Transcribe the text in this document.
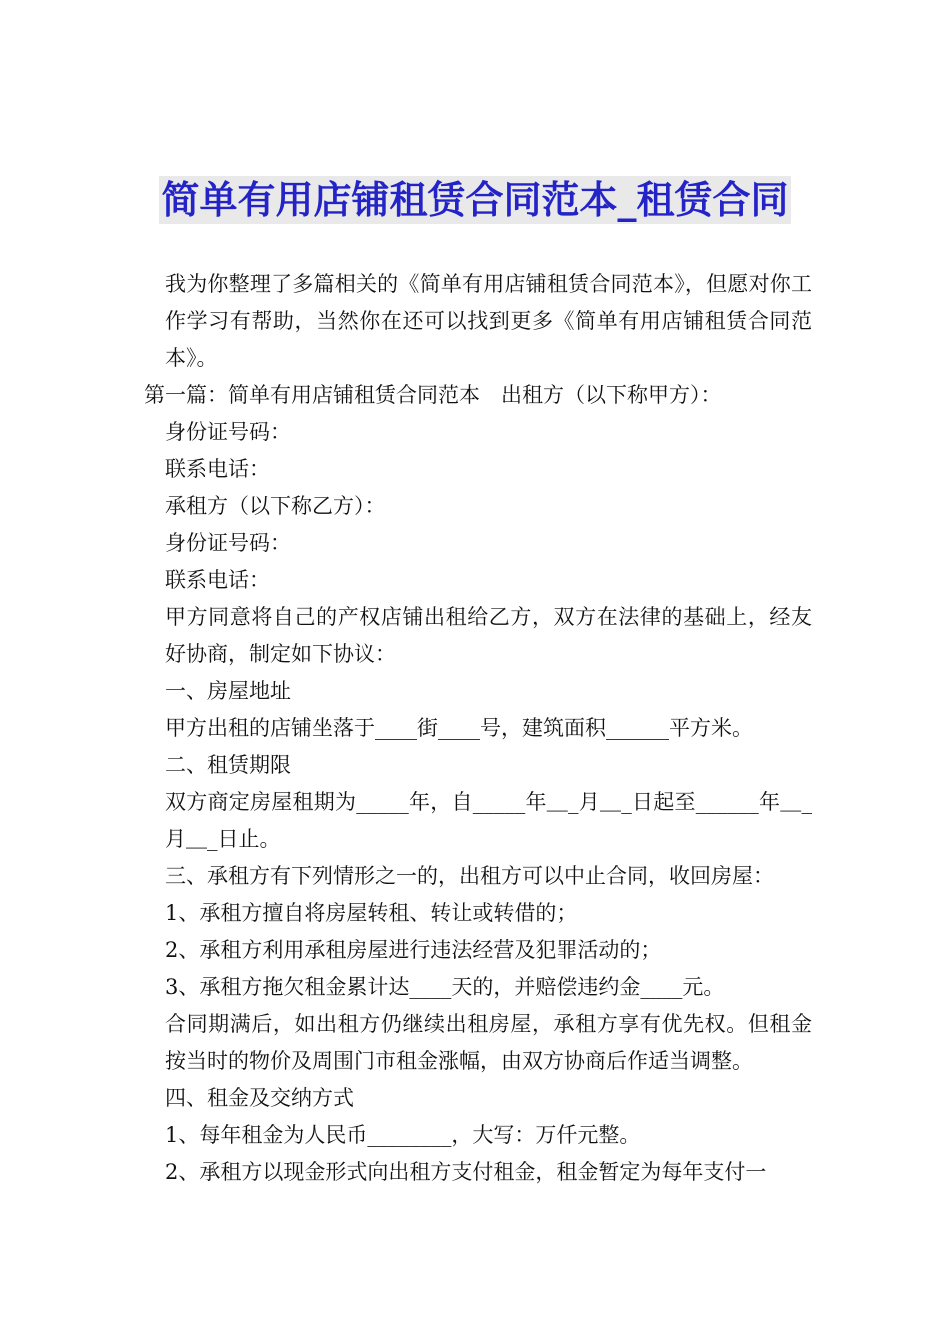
简单有用店铺租赁合同范本_租赁合同

我为你整理了多篇相关的《简单有用店铺租赁合同范本》，但愿对你工作学习有帮助，当然你在还可以找到更多《简单有用店铺租赁合同范本》。

第一篇：简单有用店铺租赁合同范本　出租方（以下称甲方）：

身份证号码：

联系电话：

承租方（以下称乙方）：

身份证号码：

联系电话：

甲方同意将自己的产权店铺出租给乙方，双方在法律的基础上，经友好协商，制定如下协议：

一、房屋地址

甲方出租的店铺坐落于____街____号，建筑面积______平方米。

二、租赁期限

双方商定房屋租期为_____年，自_____年＿_月＿_日起至______年＿_月＿_日止。

三、承租方有下列情形之一的，出租方可以中止合同，收回房屋：

1、承租方擅自将房屋转租、转让或转借的；

2、承租方利用承租房屋进行违法经营及犯罪活动的；

3、承租方拖欠租金累计达____天的，并赔偿违约金____元。

合同期满后，如出租方仍继续出租房屋，承租方享有优先权。但租金按当时的物价及周围门市租金涨幅，由双方协商后作适当调整。

四、租金及交纳方式

1、每年租金为人民币________，大写：万仟元整。

2、承租方以现金形式向出租方支付租金，租金暂定为每年支付一
